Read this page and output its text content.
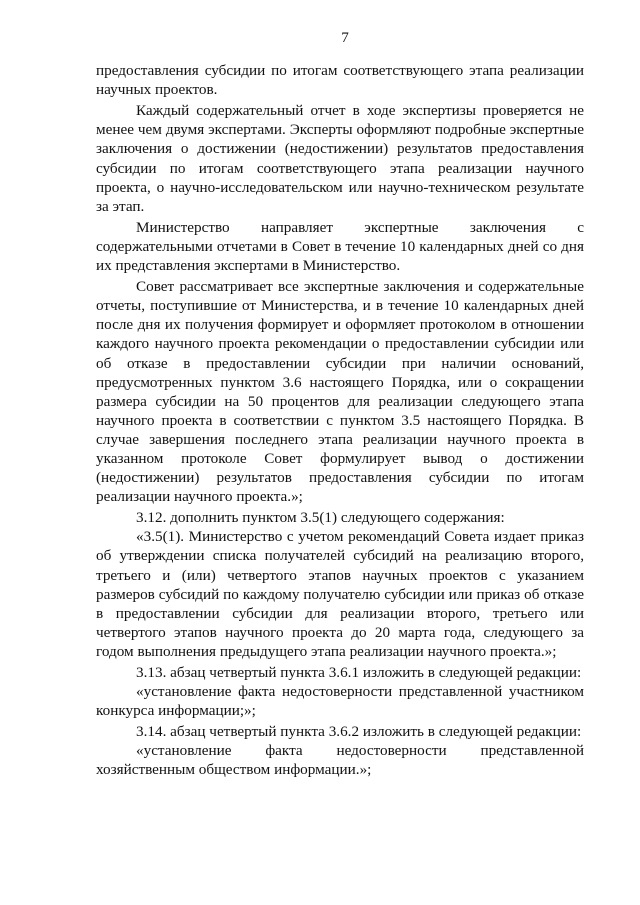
7

предоставления субсидии по итогам соответствующего этапа реализации научных проектов.

Каждый содержательный отчет в ходе экспертизы проверяется не менее чем двумя экспертами. Эксперты оформляют подробные экспертные заключения о достижении (недостижении) результатов предоставления субсидии по итогам соответствующего этапа реализации научного проекта, о научно-исследовательском или научно-техническом результате за этап.

Министерство направляет экспертные заключения с содержательными отчетами в Совет в течение 10 календарных дней со дня их представления экспертами в Министерство.

Совет рассматривает все экспертные заключения и содержательные отчеты, поступившие от Министерства, и в течение 10 календарных дней после дня их получения формирует и оформляет протоколом в отношении каждого научного проекта рекомендации о предоставлении субсидии или об отказе в предоставлении субсидии при наличии оснований, предусмотренных пунктом 3.6 настоящего Порядка, или о сокращении размера субсидии на 50 процентов для реализации следующего этапа научного проекта в соответствии с пунктом 3.5 настоящего Порядка. В случае завершения последнего этапа реализации научного проекта в указанном протоколе Совет формулирует вывод о достижении (недостижении) результатов предоставления субсидии по итогам реализации научного проекта.»;

3.12. дополнить пунктом 3.5(1) следующего содержания:

«3.5(1). Министерство с учетом рекомендаций Совета издает приказ об утверждении списка получателей субсидий на реализацию второго, третьего и (или) четвертого этапов научных проектов с указанием размеров субсидий по каждому получателю субсидии или приказ об отказе в предоставлении субсидии для реализации второго, третьего или четвертого этапов научного проекта до 20 марта года, следующего за годом выполнения предыдущего этапа реализации научного проекта.»;

3.13. абзац четвертый пункта 3.6.1 изложить в следующей редакции:

«установление факта недостоверности представленной участником конкурса информации;»;

3.14. абзац четвертый пункта 3.6.2 изложить в следующей редакции:

«установление факта недостоверности представленной хозяйственным обществом информации.»;
